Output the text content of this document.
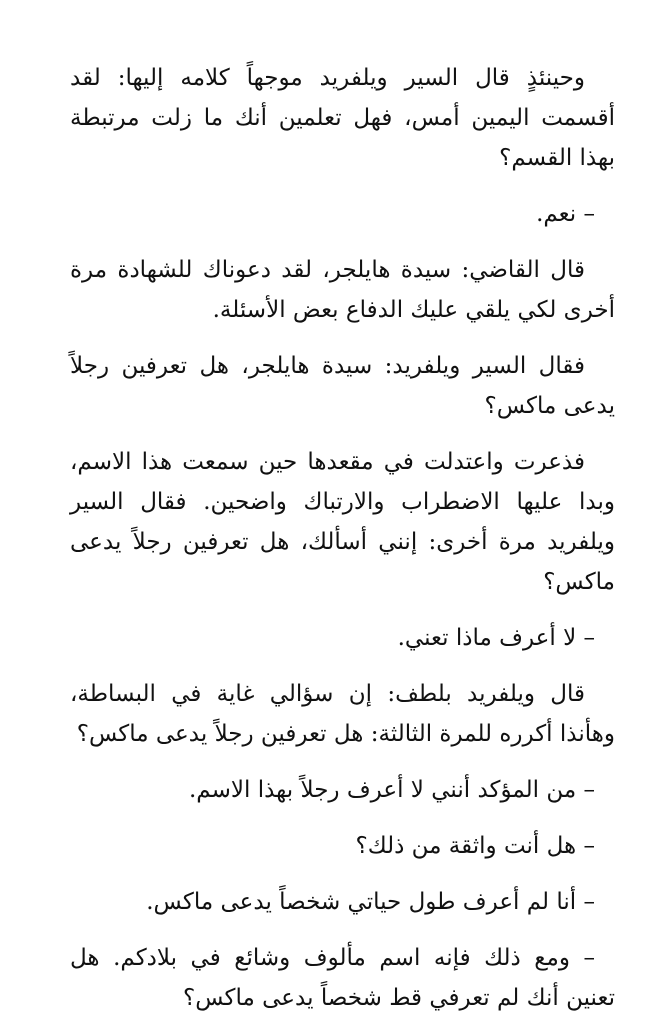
وحينئذٍ قال السير ويلفريد موجهاً كلامه إليها: لقد أقسمت اليمين أمس، فهل تعلمين أنك ما زلت مرتبطة بهذا القسم؟

– نعم.

قال القاضي: سيدة هايلجر، لقد دعوناك للشهادة مرة أخرى لكي يلقي عليك الدفاع بعض الأسئلة.

فقال السير ويلفريد: سيدة هايلجر، هل تعرفين رجلاً يدعى ماكس؟

فذعرت واعتدلت في مقعدها حين سمعت هذا الاسم، وبدا عليها الاضطراب والارتباك واضحين. فقال السير ويلفريد مرة أخرى: إنني أسألك، هل تعرفين رجلاً يدعى ماكس؟

– لا أعرف ماذا تعني.

قال ويلفريد بلطف: إن سؤالي غاية في البساطة، وهأنذا أكرره للمرة الثالثة: هل تعرفين رجلاً يدعى ماكس؟

– من المؤكد أنني لا أعرف رجلاً بهذا الاسم.

– هل أنت واثقة من ذلك؟

– أنا لم أعرف طول حياتي شخصاً يدعى ماكس.

– ومع ذلك فإنه اسم مألوف وشائع في بلادكم. هل تعنين أنك لم تعرفي قط شخصاً يدعى ماكس؟
